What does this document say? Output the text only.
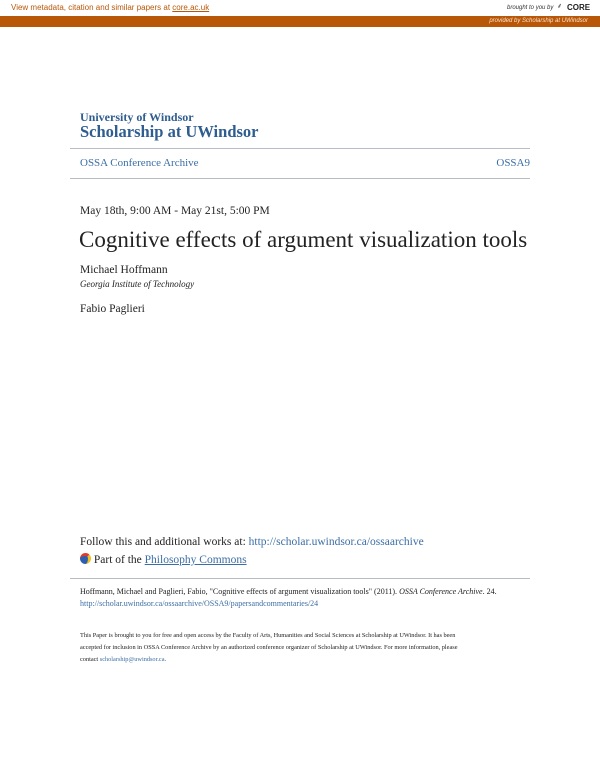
View metadata, citation and similar papers at core.ac.uk	brought to you by ⸙ CORE
provided by Scholarship at UWindsor
University of Windsor
Scholarship at UWindsor
OSSA Conference Archive	OSSA9
May 18th, 9:00 AM - May 21st, 5:00 PM
Cognitive effects of argument visualization tools
Michael Hoffmann
Georgia Institute of Technology
Fabio Paglieri
Follow this and additional works at: http://scholar.uwindsor.ca/ossaarchive
Part of the Philosophy Commons
Hoffmann, Michael and Paglieri, Fabio, "Cognitive effects of argument visualization tools" (2011). OSSA Conference Archive. 24.
http://scholar.uwindsor.ca/ossaarchive/OSSA9/papersandcommentaries/24
This Paper is brought to you for free and open access by the Faculty of Arts, Humanities and Social Sciences at Scholarship at UWindsor. It has been
accepted for inclusion in OSSA Conference Archive by an authorized conference organizer of Scholarship at UWindsor. For more information, please
contact scholarship@uwindsor.ca.
